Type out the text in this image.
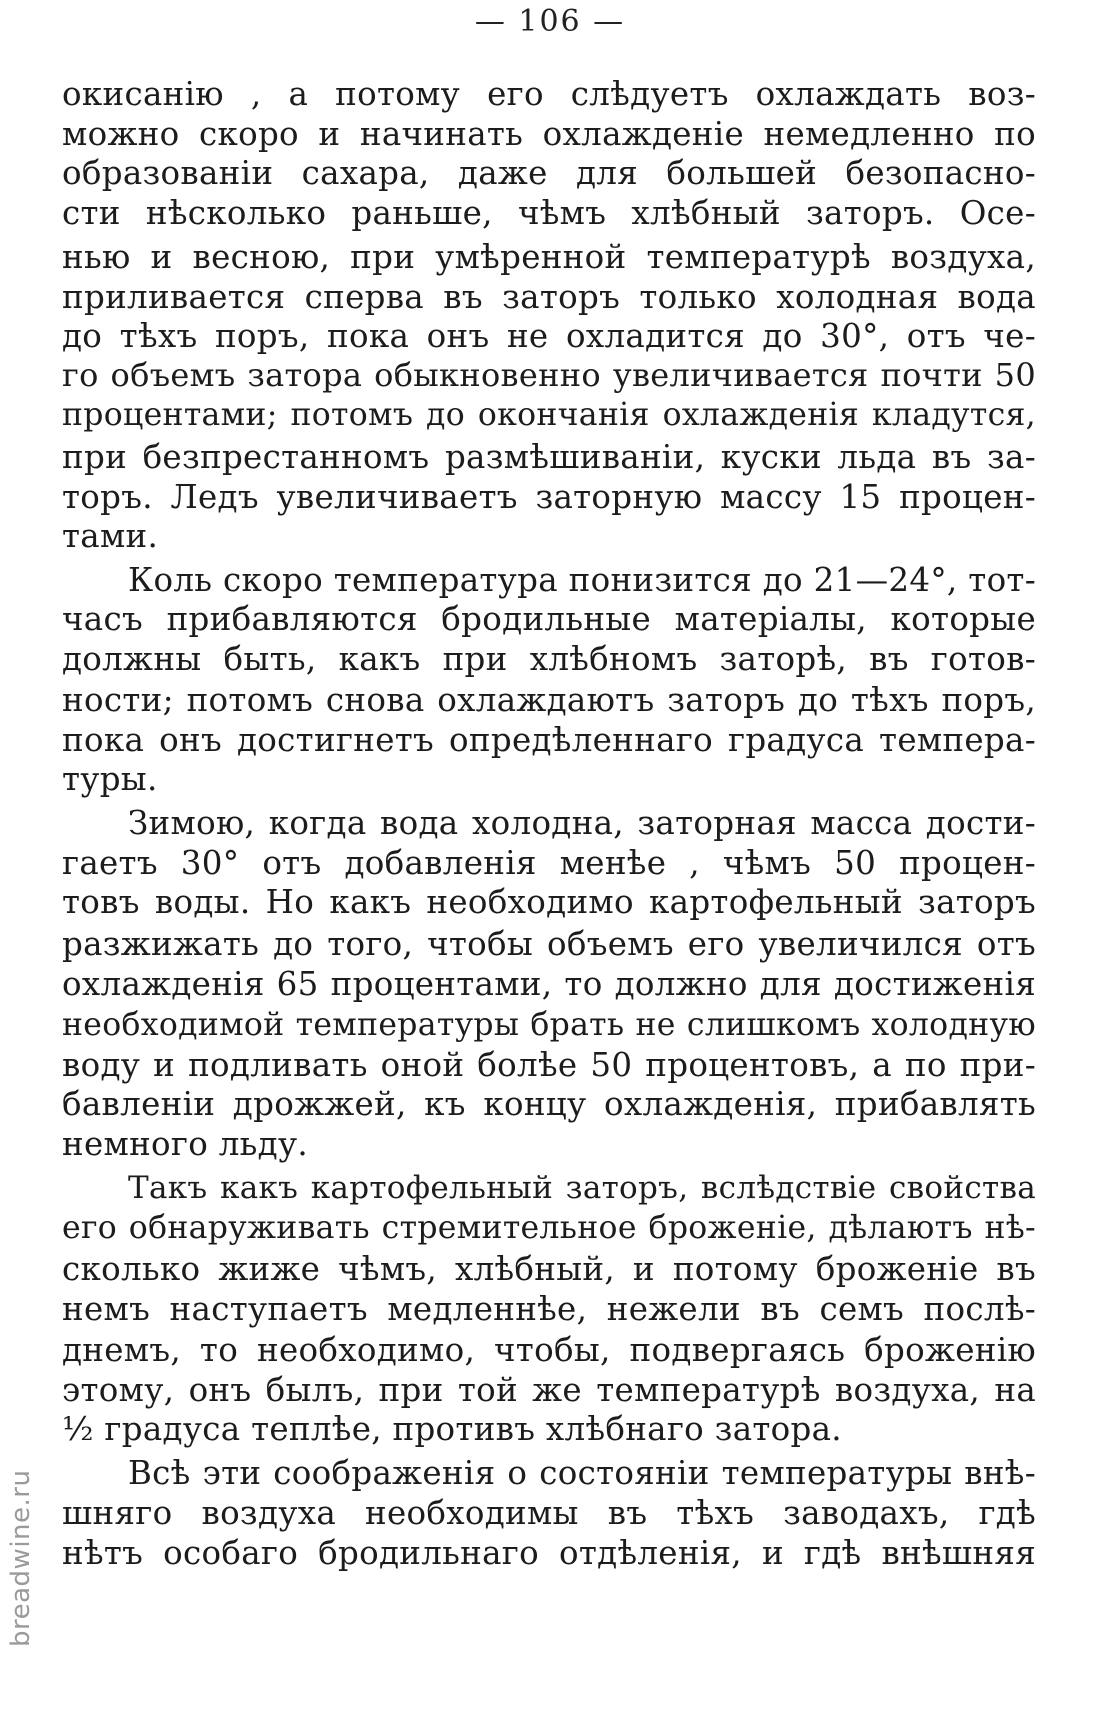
— 106 —
окисанію , а потому его слѣдуетъ охлаждать воз-
можно скоро и начинать охлажденіе немедленно по
образованіи сахара, даже для большей безопасно-
сти нѣсколько раньше, чѣмъ хлѣбный заторъ. Осе-
нью и весною, при умѣренной температурѣ воздуха,
приливается сперва въ заторъ только холодная вода
до тѣхъ поръ, пока онъ не охладится до 30°, отъ че-
го объемъ затора обыкновенно увеличивается почти 50
процентами; потомъ до окончанія охлажденія кладутся,
при безпрестанномъ размѣшиваніи, куски льда въ за-
торъ. Ледъ увеличиваетъ заторную массу 15 процен-
тами.
Коль скоро температура понизится до 21—24°, тот-
часъ прибавляются бродильные матеріалы, которые
должны быть, какъ при хлѣбномъ заторѣ, въ готов-
ности; потомъ снова охлаждаютъ заторъ до тѣхъ поръ,
пока онъ достигнетъ опредѣленнаго градуса темпера-
туры.
Зимою, когда вода холодна, заторная масса дости-
гаетъ 30° отъ добавленія менѣе , чѣмъ 50 процен-
товъ воды. Но какъ необходимо картофельный заторъ
разжижать до того, чтобы объемъ его увеличился отъ
охлажденія 65 процентами, то должно для достиженія
необходимой температуры брать не слишкомъ холодную
воду и подливать оной болѣе 50 процентовъ, а по при-
бавленіи дрожжей, къ концу охлажденія, прибавлять
немного льду.
Такъ какъ картофельный заторъ, вслѣдствіе свойства
его обнаруживать стремительное броженіе, дѣлаютъ нѣ-
сколько жиже чѣмъ, хлѣбный, и потому броженіе въ
немъ наступаетъ медленнѣе, нежели въ семъ послѣ-
днемъ, то необходимо, чтобы, подвергаясь броженію
этому, онъ былъ, при той же температурѣ воздуха, на
½ градуса теплѣе, противъ хлѣбнаго затора.
Всѣ эти соображенія о состояніи температуры внѣ-
шняго воздуха необходимы въ тѣхъ заводахъ, гдѣ
нѣтъ особаго бродильнаго отдѣленія, и гдѣ внѣшняя
breadwine.ru
